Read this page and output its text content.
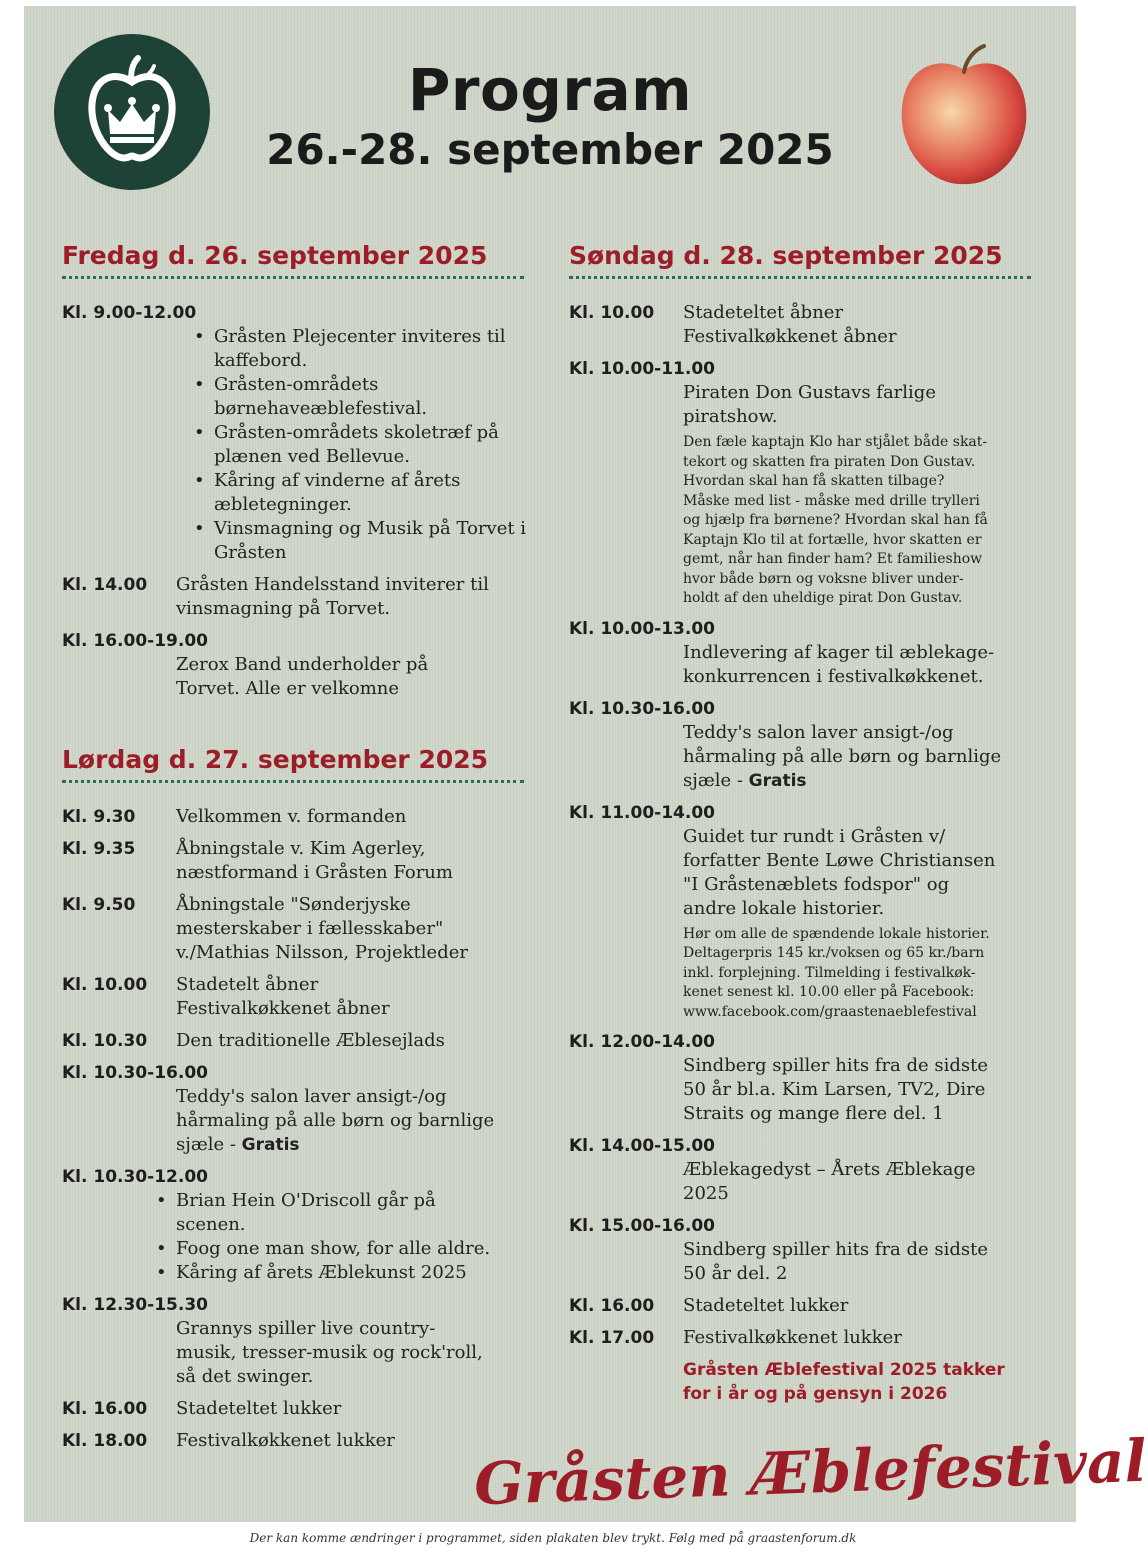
Program
26.-28. september 2025
Fredag d. 26. september 2025
Kl. 9.00-12.00
• Gråsten Plejecenter inviteres til
kaffebord.
• Gråsten-områdets
børnehaveæblefestival.
• Gråsten-områdets skoletræf på
plænen ved Bellevue.
• Kåring af vinderne af årets
æbletegninger.
• Vinsmagning og Musik på Torvet i
Gråsten
Kl. 14.00 Gråsten Handelsstand inviterer til
vinsmagning på Torvet.
Kl. 16.00-19.00
Zerox Band underholder på
Torvet. Alle er velkomne
Lørdag d. 27. september 2025
Kl. 9.30 Velkommen v. formanden
Kl. 9.35 Åbningstale v. Kim Agerley,
næstformand i Gråsten Forum
Kl. 9.50 Åbningstale "Sønderjyske
mesterskaber i fællesskaber"
v./Mathias Nilsson, Projektleder
Kl. 10.00 Stadetelt åbner
Festivalkøkkenet åbner
Kl. 10.30 Den traditionelle Æblesejlads
Kl. 10.30-16.00
Teddy's salon laver ansigt-/og
hårmaling på alle børn og barnlige
sjæle - Gratis
Kl. 10.30-12.00
• Brian Hein O'Driscoll går på
scenen.
• Foog one man show, for alle aldre.
• Kåring af årets Æblekunst 2025
Kl. 12.30-15.30
Grannys spiller live country-
musik, tresser-musik og rock'roll,
så det swinger.
Kl. 16.00 Stadeteltet lukker
Kl. 18.00 Festivalkøkkenet lukker
Søndag d. 28. september 2025
Kl. 10.00 Stadeteltet åbner
Festivalkøkkenet åbner
Kl. 10.00-11.00
Piraten Don Gustavs farlige
piratshow.
Den fæle kaptajn Klo har stjålet både skat-
tekort og skatten fra piraten Don Gustav.
Hvordan skal han få skatten tilbage?
Måske med list - måske med drille trylleri
og hjælp fra børnene? Hvordan skal han få
Kaptajn Klo til at fortælle, hvor skatten er
gemt, når han finder ham? Et familieshow
hvor både børn og voksne bliver under-
holdt af den uheldige pirat Don Gustav.
Kl. 10.00-13.00
Indlevering af kager til æblekage-
konkurrencen i festivalkøkkenet.
Kl. 10.30-16.00
Teddy's salon laver ansigt-/og
hårmaling på alle børn og barnlige
sjæle - Gratis
Kl. 11.00-14.00
Guidet tur rundt i Gråsten v/
forfatter Bente Løwe Christiansen
"I Gråstenæblets fodspor" og
andre lokale historier.
Hør om alle de spændende lokale historier.
Deltagerpris 145 kr./voksen og 65 kr./barn
inkl. forplejning. Tilmelding i festivalkøk-
kenet senest kl. 10.00 eller på Facebook:
www.facebook.com/graastenaeblefestival
Kl. 12.00-14.00
Sindberg spiller hits fra de sidste
50 år bl.a. Kim Larsen, TV2, Dire
Straits og mange flere del. 1
Kl. 14.00-15.00
Æblekagedyst – Årets Æblekage
2025
Kl. 15.00-16.00
Sindberg spiller hits fra de sidste
50 år del. 2
Kl. 16.00 Stadeteltet lukker
Kl. 17.00 Festivalkøkkenet lukker
Gråsten Æblefestival 2025 takker
for i år og på gensyn i 2026
Gråsten Æblefestival
Der kan komme ændringer i programmet, siden plakaten blev trykt. Følg med på graastenforum.dk
